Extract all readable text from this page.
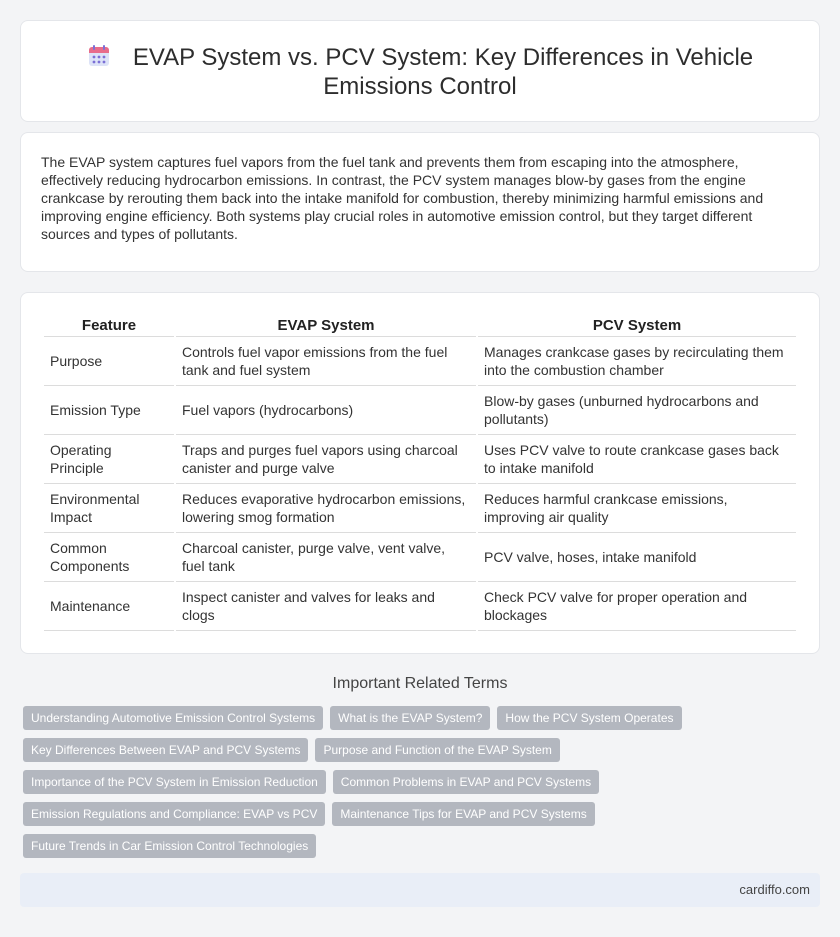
EVAP System vs. PCV System: Key Differences in Vehicle
Emissions Control

The EVAP system captures fuel vapors from the fuel tank and prevents them from escaping into the atmosphere, effectively reducing hydrocarbon emissions. In contrast, the PCV system manages blow-by gases from the engine crankcase by rerouting them back into the intake manifold for combustion, thereby minimizing harmful emissions and improving engine efficiency. Both systems play crucial roles in automotive emission control, but they target different sources and types of pollutants.

Feature	EVAP System	PCV System
Purpose	Controls fuel vapor emissions from the fuel tank and fuel system	Manages crankcase gases by recirculating them into the combustion chamber
Emission Type	Fuel vapors (hydrocarbons)	Blow-by gases (unburned hydrocarbons and pollutants)
Operating Principle	Traps and purges fuel vapors using charcoal canister and purge valve	Uses PCV valve to route crankcase gases back to intake manifold
Environmental Impact	Reduces evaporative hydrocarbon emissions, lowering smog formation	Reduces harmful crankcase emissions, improving air quality
Common Components	Charcoal canister, purge valve, vent valve, fuel tank	PCV valve, hoses, intake manifold
Maintenance	Inspect canister and valves for leaks and clogs	Check PCV valve for proper operation and blockages
Important Related Terms
Understanding Automotive Emission Control Systems	What is the EVAP System?	How the PCV System Operates
Key Differences Between EVAP and PCV Systems	Purpose and Function of the EVAP System
Importance of the PCV System in Emission Reduction	Common Problems in EVAP and PCV Systems
Emission Regulations and Compliance: EVAP vs PCV	Maintenance Tips for EVAP and PCV Systems
Future Trends in Car Emission Control Technologies
cardiffo.com
